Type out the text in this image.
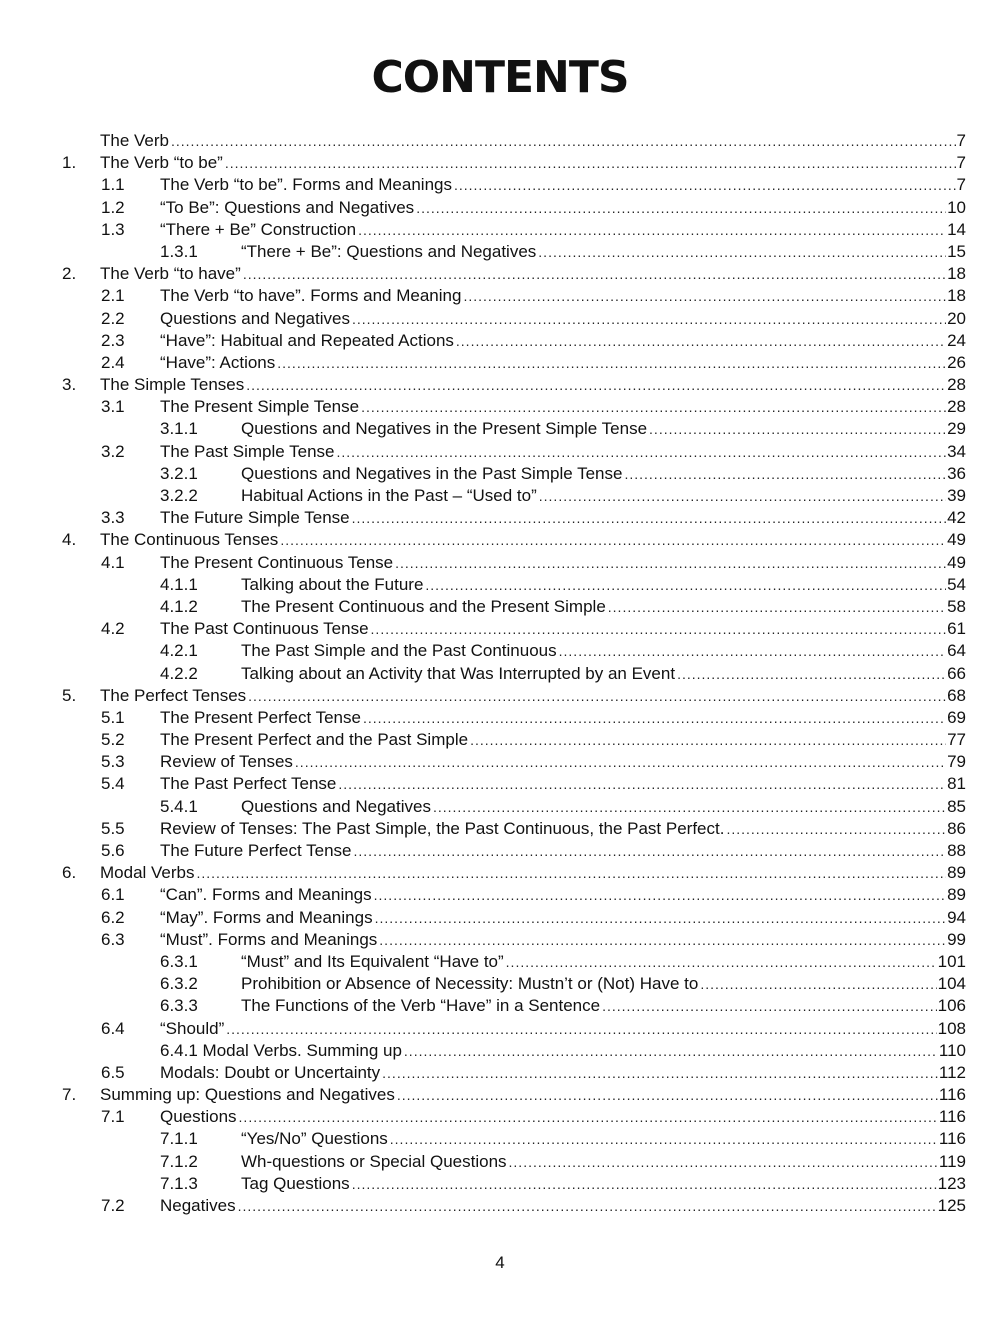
CONTENTS
The Verb .....	7
1. The Verb “to be” .....	7
1.1 The Verb “to be”. Forms and Meanings .....	7
1.2 “To Be”: Questions and Negatives .....	10
1.3 “There + Be” Construction .....	14
1.3.1	“There + Be”: Questions and Negatives .....	15
2. The Verb “to have” .....	18
2.1 The Verb “to have”. Forms and Meaning .....	18
2.2 Questions and Negatives .....	20
2.3 “Have”: Habitual and Repeated Actions .....	24
2.4 “Have”: Actions .....	26
3. The Simple Tenses .....	28
3.1 The Present Simple Tense .....	28
3.1.1	Questions and Negatives in the Present Simple Tense .....	29
3.2 The Past Simple Tense .....	34
3.2.1	Questions and Negatives in the Past Simple Tense .....	36
3.2.2	Habitual Actions in the Past – “Used to” .....	39
3.3 The Future Simple Tense .....	42
4. The Continuous Tenses .....	49
4.1 The Present Continuous Tense .....	49
4.1.1	Talking about the Future .....	54
4.1.2	The Present Continuous and the Present Simple .....	58
4.2 The Past Continuous Tense .....	61
4.2.1	The Past Simple and the Past Continuous .....	64
4.2.2	Talking about an Activity that Was Interrupted by an Event .....	66
5. The Perfect Tenses .....	68
5.1 The Present Perfect Tense .....	69
5.2 The Present Perfect and the Past Simple .....	77
5.3 Review of Tenses .....	79
5.4 The Past Perfect Tense .....	81
5.4.1	Questions and Negatives .....	85
5.5 Review of Tenses: The Past Simple, the Past Continuous, the Past Perfect. .....	86
5.6 The Future Perfect Tense .....	88
6. Modal Verbs .....	89
6.1 “Can”. Forms and Meanings .....	89
6.2 “May”. Forms and Meanings .....	94
6.3 “Must”. Forms and Meanings .....	99
6.3.1	“Must” and Its Equivalent “Have to” .....	101
6.3.2	Prohibition or Absence of Necessity: Mustn’t or (Not) Have to .....	104
6.3.3	The Functions of the Verb “Have” in a Sentence .....	106
6.4 “Should” .....	108
6.4.1 Modal Verbs. Summing up .....	110
6.5 Modals: Doubt or Uncertainty .....	112
7. Summing up: Questions and Negatives .....	116
7.1 Questions .....	116
7.1.1	“Yes/No” Questions .....	116
7.1.2	Wh-questions or Special Questions .....	119
7.1.3	Tag Questions .....	123
7.2 Negatives .....	125
4
